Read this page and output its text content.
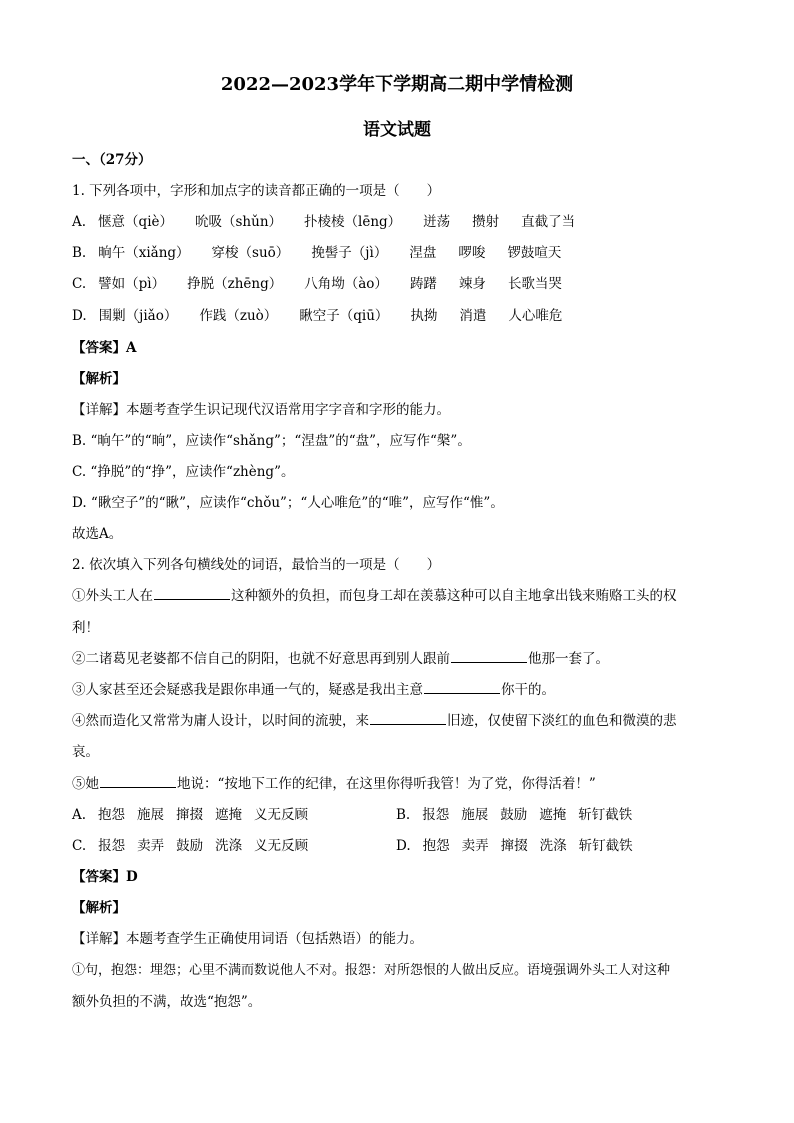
2022—2023学年下学期高二期中学情检测
语文试题
一、（27分）
1. 下列各项中，字形和加点字的读音都正确的一项是（　　）
A. 惬意（qiè） 吮吸（shǔn） 扑棱棱（lēng） 迸荡 攒射 直截了当
B. 晌午（xiǎng） 穿梭（suō） 挽髻子（jì） 涅盘 啰唆 锣鼓喧天
C. 譬如（pì） 挣脱（zhēng） 八角坳（ào） 踌躇 竦身 长歌当哭
D. 围剿（jiǎo） 作践（zuò） 瞅空子（qiū） 执拗 消遣 人心唯危
【答案】A
【解析】
【详解】本题考查学生识记现代汉语常用字字音和字形的能力。
B. “晌午”的“晌”，应读作“shǎng”；“涅盘”的“盘”，应写作“槃”。
C. “挣脱”的“挣”，应读作“zhèng”。
D. “瞅空子”的“瞅”，应读作“chǒu”；“人心唯危”的“唯”，应写作“惟”。
故选A。
2. 依次填入下列各句横线处的词语，最恰当的一项是（　　）
①外头工人在	这种额外的负担，而包身工却在羡慕这种可以自主地拿出钱来贿赂工头的权
利！
②二诸葛见老婆都不信自己的阴阳，也就不好意思再到别人跟前	他那一套了。
③人家甚至还会疑惑我是跟你串通一气的，疑惑是我出主意	你干的。
④然而造化又常常为庸人设计，以时间的流驶，来	旧迹，仅使留下淡红的血色和微漠的悲
哀。
⑤她	地说：“按地下工作的纪律，在这里你得听我管！为了党，你得活着！”
A. 抱怨 施展 撺掇 遮掩 义无反顾	B. 报怨 施展 鼓励 遮掩 斩钉截铁
C. 报怨 卖弄 鼓励 洗涤 义无反顾	D. 抱怨 卖弄 撺掇 洗涤 斩钉截铁
【答案】D
【解析】
【详解】本题考查学生正确使用词语（包括熟语）的能力。
①句，抱怨：埋怨；心里不满而数说他人不对。报怨：对所怨恨的人做出反应。语境强调外头工人对这种
额外负担的不满，故选“抱怨”。
